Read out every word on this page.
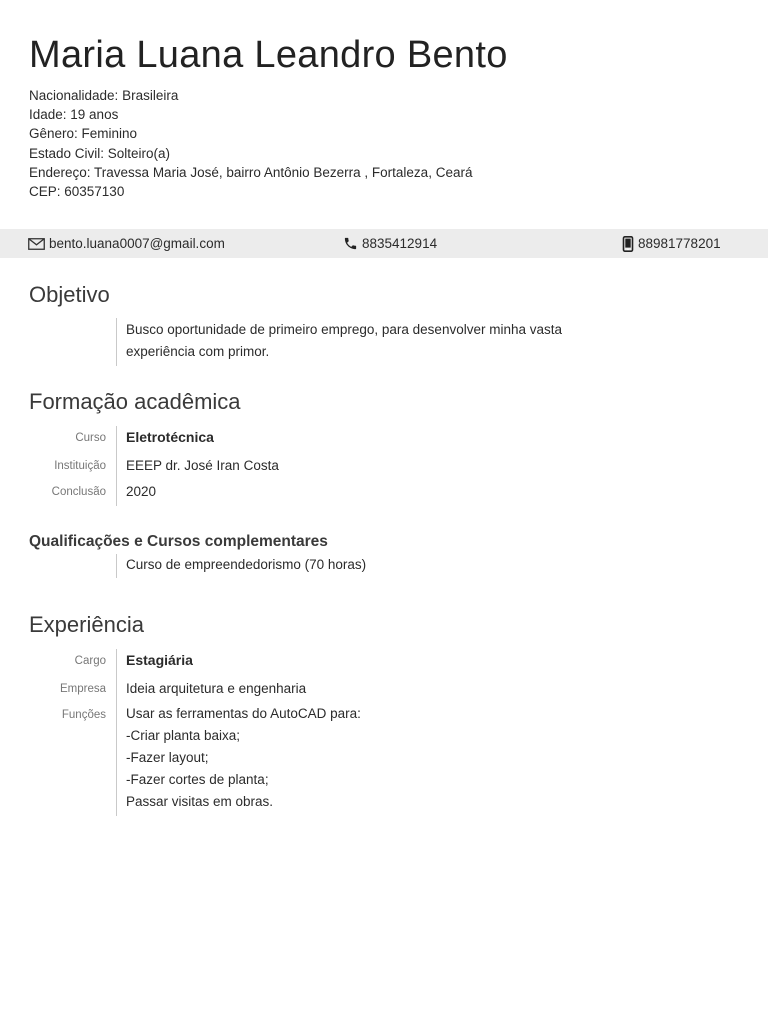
Maria Luana Leandro Bento
Nacionalidade: Brasileira
Idade: 19 anos
Gênero: Feminino
Estado Civil: Solteiro(a)
Endereço: Travessa Maria José, bairro Antônio Bezerra , Fortaleza, Ceará
CEP: 60357130
bento.luana0007@gmail.com	8835412914	88981778201
Objetivo
Busco oportunidade de primeiro emprego, para desenvolver minha vasta
experiência com primor.
Formação acadêmica
Curso Eletrotécnica
Instituição EEEP dr. José Iran Costa
Conclusão 2020
Qualificações e Cursos complementares
Curso de empreendedorismo (70 horas)
Experiência
Cargo Estagiária
Empresa Ideia arquitetura e engenharia
Funções Usar as ferramentas do AutoCAD para:
-Criar planta baixa;
-Fazer layout;
-Fazer cortes de planta;
Passar visitas em obras.
